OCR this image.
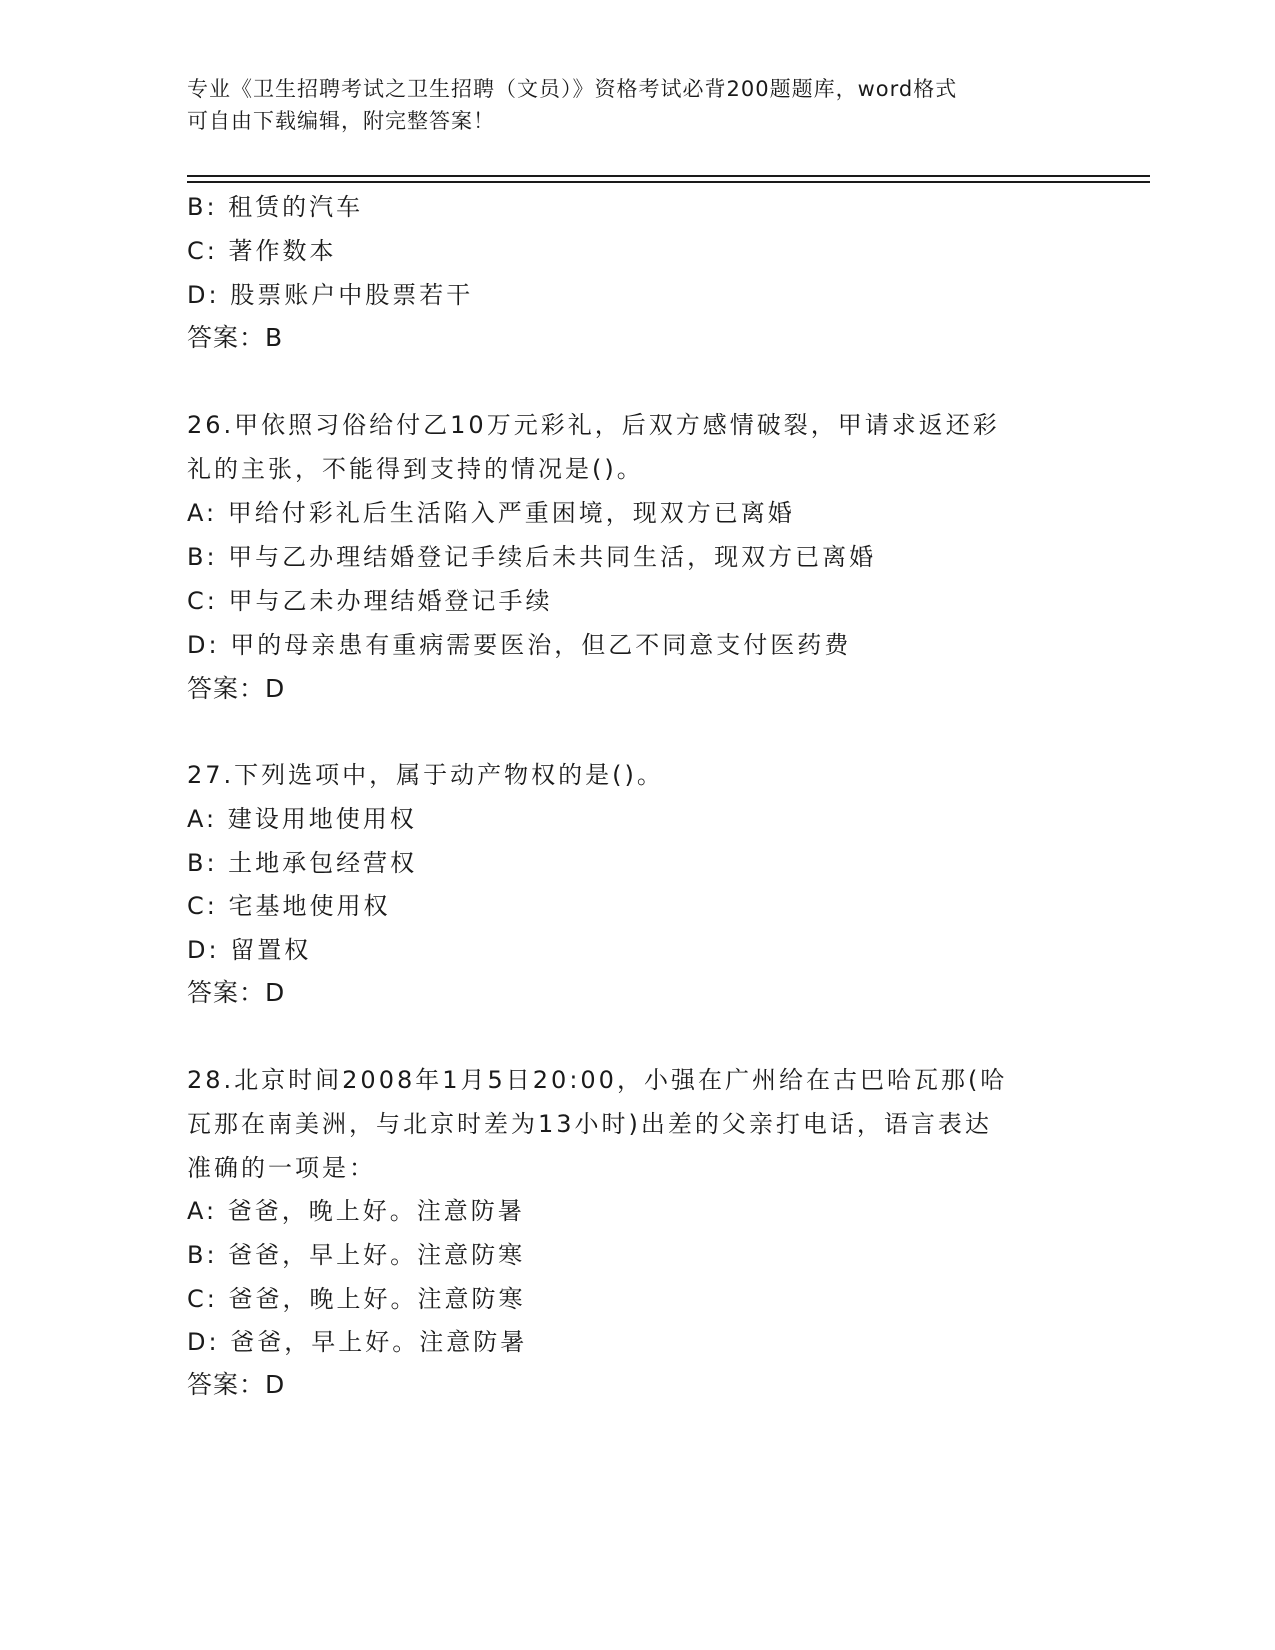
专业《卫生招聘考试之卫生招聘（文员）》资格考试必背200题题库，word格式
可自由下载编辑，附完整答案！
B: 租赁的汽车
C: 著作数本
D: 股票账户中股票若干
答案：B
26.甲依照习俗给付乙10万元彩礼，后双方感情破裂，甲请求返还彩
礼的主张，不能得到支持的情况是()。
A: 甲给付彩礼后生活陷入严重困境，现双方已离婚
B: 甲与乙办理结婚登记手续后未共同生活，现双方已离婚
C: 甲与乙未办理结婚登记手续
D: 甲的母亲患有重病需要医治，但乙不同意支付医药费
答案：D
27.下列选项中，属于动产物权的是()。
A: 建设用地使用权
B: 土地承包经营权
C: 宅基地使用权
D: 留置权
答案：D
28.北京时间2008年1月5日20:00，小强在广州给在古巴哈瓦那(哈
瓦那在南美洲，与北京时差为13小时)出差的父亲打电话，语言表达
准确的一项是：
A: 爸爸，晚上好。注意防暑
B: 爸爸，早上好。注意防寒
C: 爸爸，晚上好。注意防寒
D: 爸爸，早上好。注意防暑
答案：D
